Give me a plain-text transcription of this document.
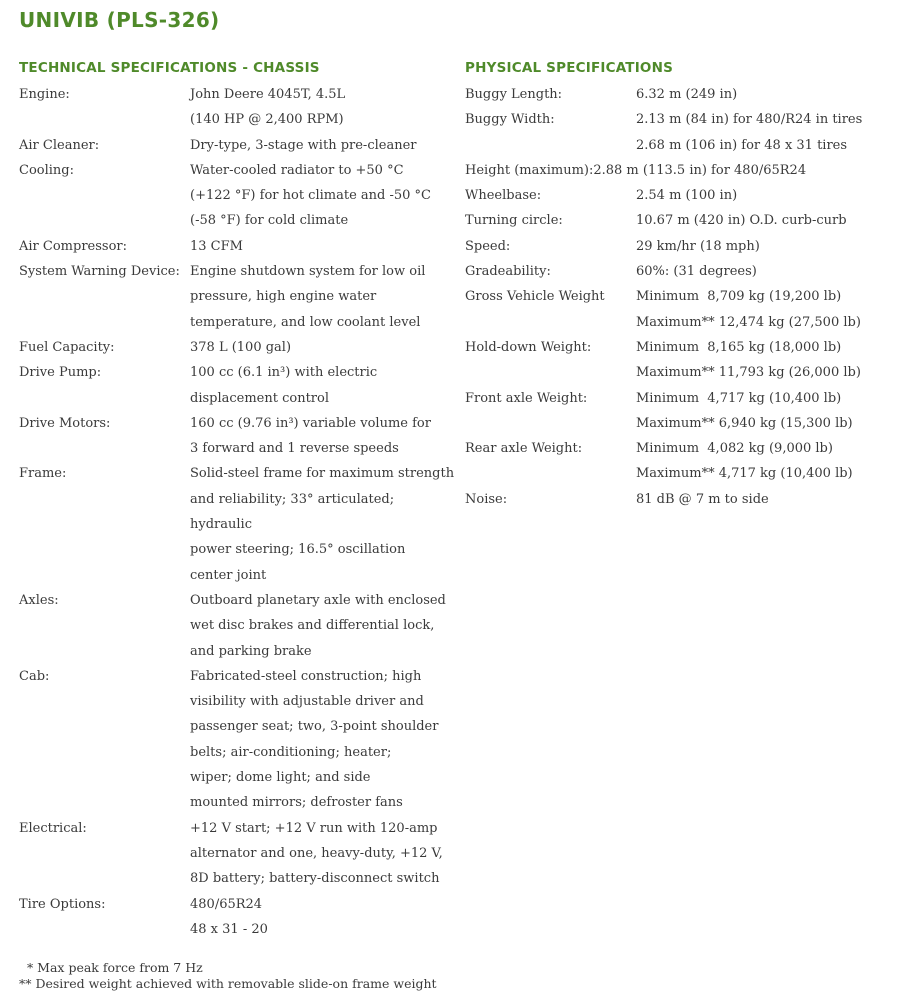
UNIVIB (PLS-326)
TECHNICAL SPECIFICATIONS - CHASSIS
Engine:	John Deere 4045T, 4.5L
(140 HP @ 2,400 RPM)
Air Cleaner:	Dry-type, 3-stage with pre-cleaner
Cooling:	Water-cooled radiator to +50 °C
(+122 °F) for hot climate and -50 °C
(-58 °F) for cold climate
Air Compressor:	13 CFM
System Warning Device: Engine shutdown system for low oil
pressure, high engine water
temperature, and low coolant level
Fuel Capacity:	378 L (100 gal)
Drive Pump:	100 cc (6.1 in³) with electric
displacement control
Drive Motors:	160 cc (9.76 in³) variable volume for
3 forward and 1 reverse speeds
Frame:	Solid-steel frame for maximum strength
and reliability; 33° articulated;
hydraulic
power steering; 16.5° oscillation
center joint
Axles:	Outboard planetary axle with enclosed
wet disc brakes and differential lock,
and parking brake
Cab:	Fabricated-steel construction; high
visibility with adjustable driver and
passenger seat; two, 3-point shoulder
belts; air-conditioning; heater;
wiper; dome light; and side
mounted mirrors; defroster fans
Electrical:	+12 V start; +12 V run with 120-amp
alternator and one, heavy-duty, +12 V,
8D battery; battery-disconnect switch
Tire Options:	480/65R24
48 x 31 - 20
PHYSICAL SPECIFICATIONS
Buggy Length:	6.32 m (249 in)
Buggy Width:	2.13 m (84 in) for 480/R24 in tires
2.68 m (106 in) for 48 x 31 tires
Height (maximum): 2.88 m (113.5 in) for 480/65R24
Wheelbase:	2.54 m (100 in)
Turning circle:	10.67 m (420 in) O.D. curb-curb
Speed:	29 km/hr (18 mph)
Gradeability:	60%: (31 degrees)
Gross Vehicle Weight	Minimum  8,709 kg (19,200 lb)
Maximum** 12,474 kg (27,500 lb)
Hold-down Weight:	Minimum  8,165 kg (18,000 lb)
Maximum** 11,793 kg (26,000 lb)
Front axle Weight:	Minimum  4,717 kg (10,400 lb)
Maximum** 6,940 kg (15,300 lb)
Rear axle Weight:	Minimum  4,082 kg (9,000 lb)
Maximum** 4,717 kg (10,400 lb)
Noise:	81 dB @ 7 m to side
* Max peak force from 7 Hz
** Desired weight achieved with removable slide-on frame weight
